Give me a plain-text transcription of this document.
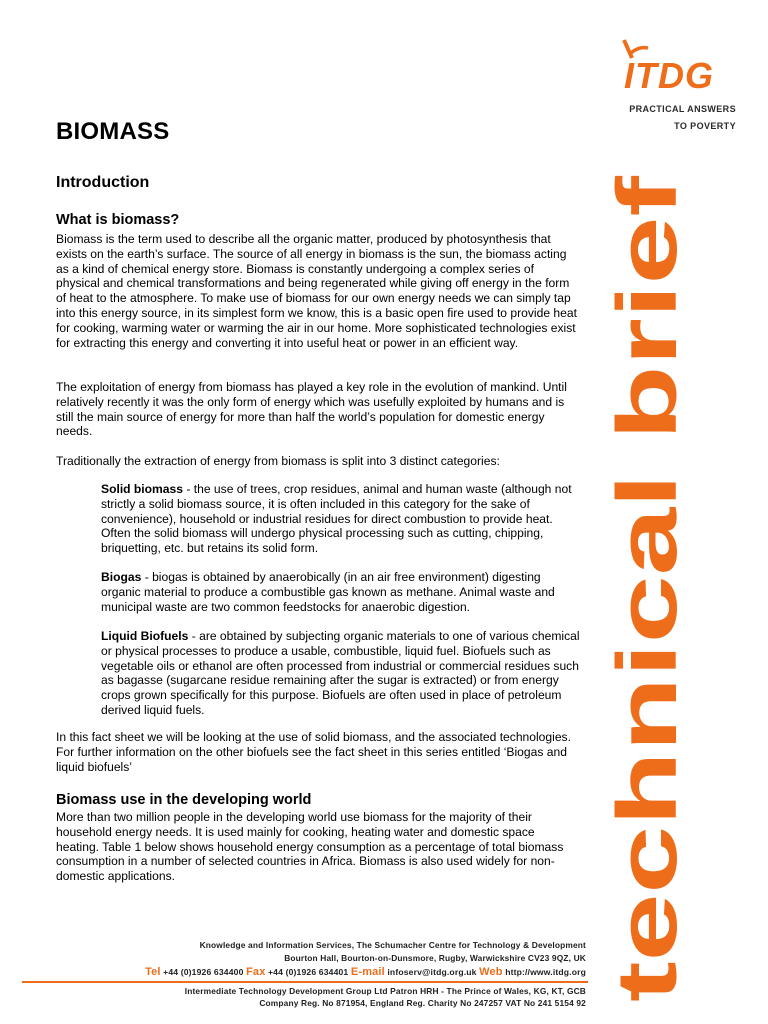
ITDG
PRACTICAL ANSWERS
TO POVERTY
technical brief
BIOMASS
Introduction
What is biomass?

Biomass is the term used to describe all the organic matter, produced by photosynthesis that exists on the earth’s surface. The source of all energy in biomass is the sun, the biomass acting as a kind of chemical energy store. Biomass is constantly undergoing a complex series of physical and chemical transformations and being regenerated while giving off energy in the form of heat to the atmosphere. To make use of biomass for our own energy needs we can simply tap into this energy source, in its simplest form we know, this is a basic open fire used to provide heat for cooking, warming water or warming the air in our home. More sophisticated technologies exist for extracting this energy and converting it into useful heat or power in an efficient way.

The exploitation of energy from biomass has played a key role in the evolution of mankind. Until relatively recently it was the only form of energy which was usefully exploited by humans and is still the main source of energy for more than half the world’s population for domestic energy needs.

Traditionally the extraction of energy from biomass is split into 3 distinct categories:

Solid biomass - the use of trees, crop residues, animal and human waste (although not strictly a solid biomass source, it is often included in this category for the sake of convenience), household or industrial residues for direct combustion to provide heat. Often the solid biomass will undergo physical processing such as cutting, chipping, briquetting, etc. but retains its solid form.
Biogas - biogas is obtained by anaerobically (in an air free environment) digesting organic material to produce a combustible gas known as methane. Animal waste and municipal waste are two common feedstocks for anaerobic digestion.
Liquid Biofuels - are obtained by subjecting organic materials to one of various chemical or physical processes to produce a usable, combustible, liquid fuel. Biofuels such as vegetable oils or ethanol are often processed from industrial or commercial residues such as bagasse (sugarcane residue remaining after the sugar is extracted) or from energy crops grown specifically for this purpose. Biofuels are often used in place of petroleum derived liquid fuels.

In this fact sheet we will be looking at the use of solid biomass, and the associated technologies. For further information on the other biofuels see the fact sheet in this series entitled ‘Biogas and liquid biofuels’

Biomass use in the developing world

More than two million people in the developing world use biomass for the majority of their household energy needs. It is used mainly for cooking, heating water and domestic space heating. Table 1 below shows household energy consumption as a percentage of total biomass consumption in a number of selected countries in Africa. Biomass is also used widely for non-domestic applications.

Knowledge and Information Services, The Schumacher Centre for Technology & Development
Bourton Hall, Bourton-on-Dunsmore, Rugby, Warwickshire CV23 9QZ, UK
Tel +44 (0)1926 634400 Fax +44 (0)1926 634401 E-mail infoserv@itdg.org.uk Web http://www.itdg.org
Intermediate Technology Development Group Ltd Patron HRH - The Prince of Wales, KG, KT, GCB
Company Reg. No 871954, England Reg. Charity No 247257 VAT No 241 5154 92
